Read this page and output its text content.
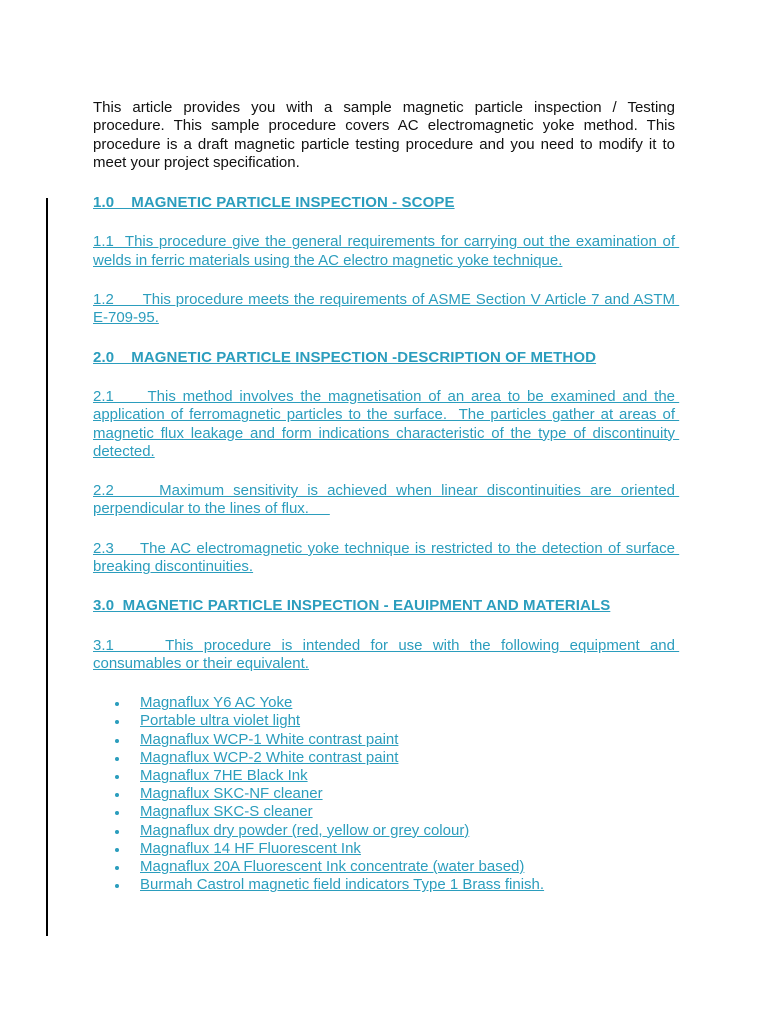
This article provides you with a sample magnetic particle inspection / Testing procedure. This sample procedure covers AC electromagnetic yoke method. This procedure is a draft magnetic particle testing procedure and you need to modify it to meet your project specification.

1.0    MAGNETIC PARTICLE INSPECTION - SCOPE

1.1  This procedure give the general requirements for carrying out the examination of welds in ferric materials using the AC electro magnetic yoke technique.

1.2      This procedure meets the requirements of ASME Section V Article 7 and ASTM E-709-95.

2.0    MAGNETIC PARTICLE INSPECTION -DESCRIPTION OF METHOD

2.1     This method involves the magnetisation of an area to be examined and the application of ferromagnetic particles to the surface.  The particles gather at areas of magnetic flux leakage and form indications characteristic of the type of discontinuity detected.

2.2     Maximum sensitivity is achieved when linear discontinuities are oriented perpendicular to the lines of flux.

2.3     The AC electromagnetic yoke technique is restricted to the detection of surface breaking discontinuities.

3.0  MAGNETIC PARTICLE INSPECTION - EAUIPMENT AND MATERIALS

3.1     This procedure is intended for use with the following equipment and consumables or their equivalent.

Magnaflux Y6 AC Yoke
Portable ultra violet light
Magnaflux WCP-1 White contrast paint
Magnaflux WCP-2 White contrast paint
Magnaflux 7HE Black Ink
Magnaflux SKC-NF cleaner
Magnaflux SKC-S cleaner
Magnaflux dry powder (red, yellow or grey colour)
Magnaflux 14 HF Fluorescent Ink
Magnaflux 20A Fluorescent Ink concentrate (water based)
Burmah Castrol magnetic field indicators Type 1 Brass finish.
